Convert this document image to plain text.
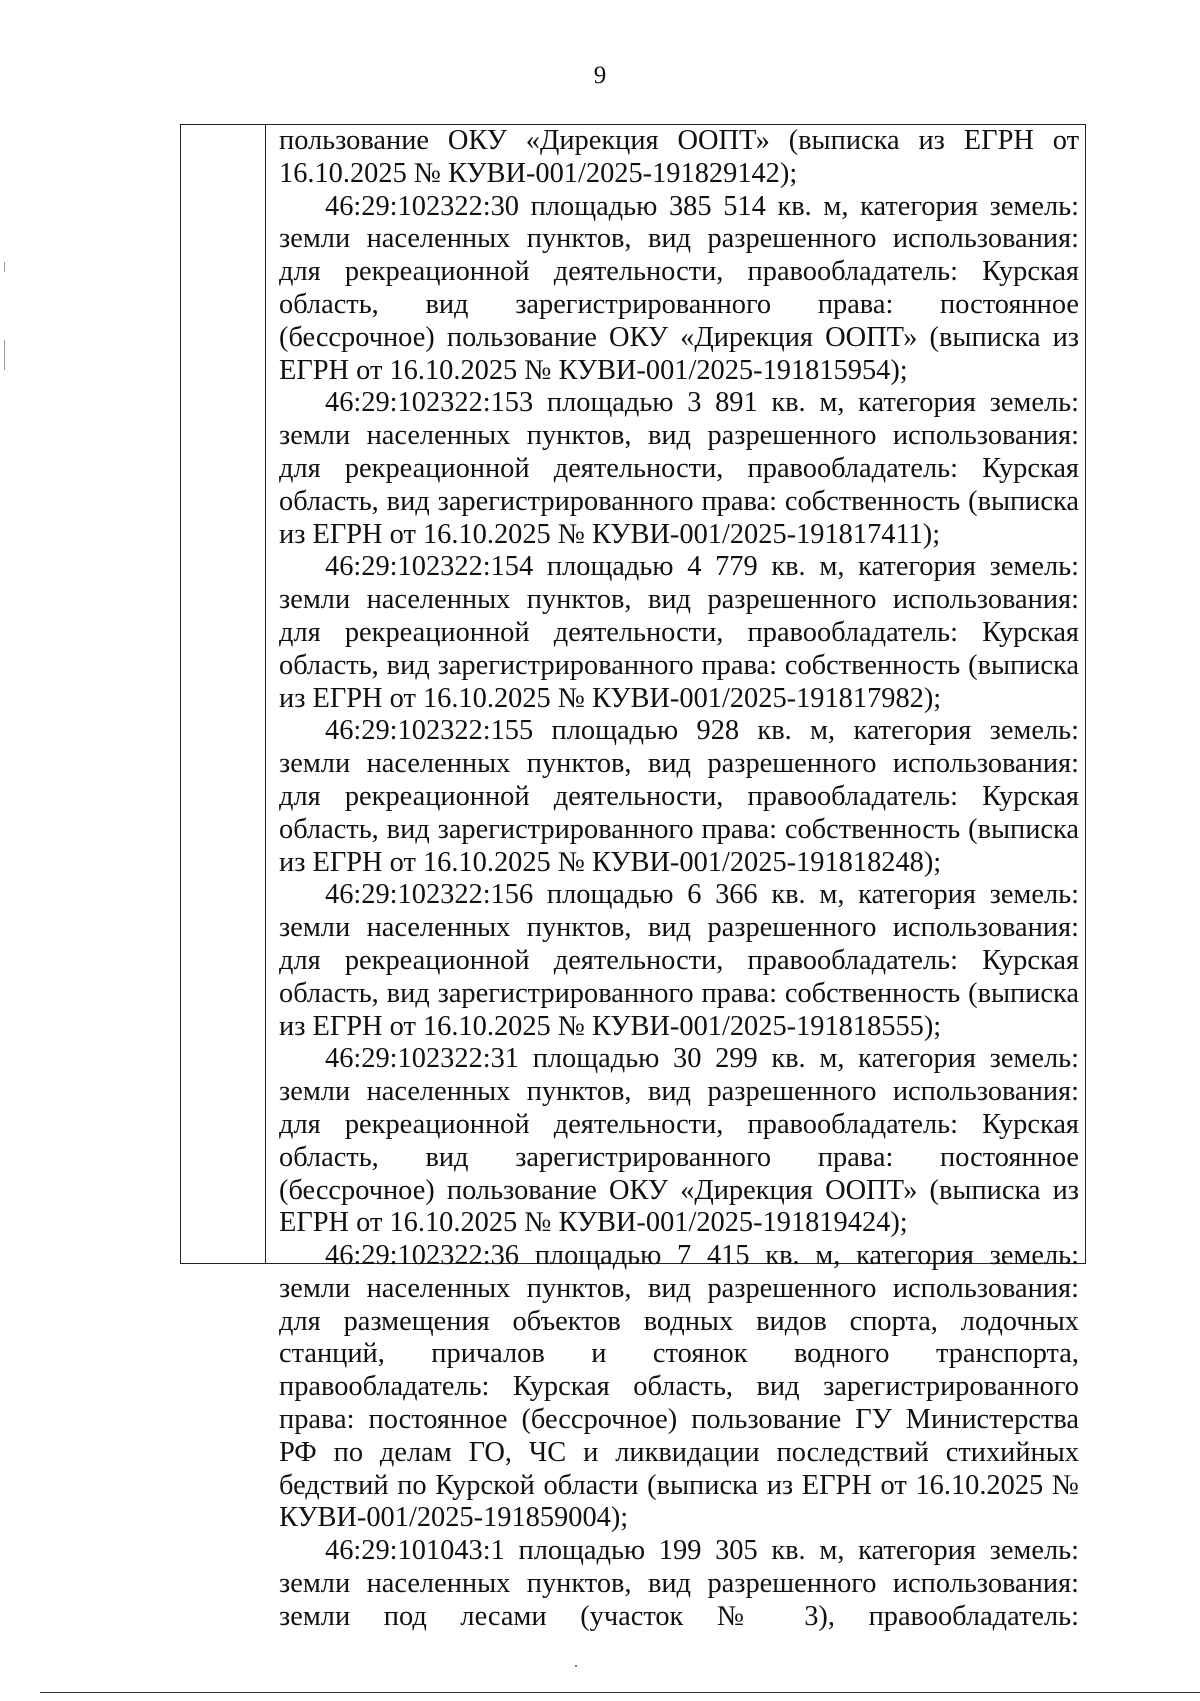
9

пользование ОКУ «Дирекция ООПТ» (выписка из ЕГРН от 16.10.2025 № КУВИ-001/2025-191829142);

46:29:102322:30 площадью 385 514 кв. м, категория земель: земли населенных пунктов, вид разрешенного использования: для рекреационной деятельности, правообладатель: Курская область, вид зарегистрированного права: постоянное (бессрочное) пользование ОКУ «Дирекция ООПТ» (выписка из ЕГРН от 16.10.2025 № КУВИ-001/2025-191815954);

46:29:102322:153 площадью 3 891 кв. м, категория земель: земли населенных пунктов, вид разрешенного использования: для рекреационной деятельности, правообладатель: Курская область, вид зарегистрированного права: собственность (выписка из ЕГРН от 16.10.2025 № КУВИ-001/2025-191817411);

46:29:102322:154 площадью 4 779 кв. м, категория земель: земли населенных пунктов, вид разрешенного использования: для рекреационной деятельности, правообладатель: Курская область, вид зарегистрированного права: собственность (выписка из ЕГРН от 16.10.2025 № КУВИ-001/2025-191817982);

46:29:102322:155 площадью 928 кв. м, категория земель: земли населенных пунктов, вид разрешенного использования: для рекреационной деятельности, правообладатель: Курская область, вид зарегистрированного права: собственность (выписка из ЕГРН от 16.10.2025 № КУВИ-001/2025-191818248);

46:29:102322:156 площадью 6 366 кв. м, категория земель: земли населенных пунктов, вид разрешенного использования: для рекреационной деятельности, правообладатель: Курская область, вид зарегистрированного права: собственность (выписка из ЕГРН от 16.10.2025 № КУВИ-001/2025-191818555);

46:29:102322:31 площадью 30 299 кв. м, категория земель: земли населенных пунктов, вид разрешенного использования: для рекреационной деятельности, правообладатель: Курская область, вид зарегистрированного права: постоянное (бессрочное) пользование ОКУ «Дирекция ООПТ» (выписка из ЕГРН от 16.10.2025 № КУВИ-001/2025-191819424);

46:29:102322:36 площадью 7 415 кв. м, категория земель: земли населенных пунктов, вид разрешенного использования: для размещения объектов водных видов спорта, лодочных станций, причалов и стоянок водного транспорта, правообладатель: Курская область, вид зарегистрированного права: постоянное (бессрочное) пользование ГУ Министерства РФ по делам ГО, ЧС и ликвидации последствий стихийных бедствий по Курской области (выписка из ЕГРН от 16.10.2025 № КУВИ-001/2025-191859004);

46:29:101043:1 площадью 199 305 кв. м, категория земель: земли населенных пунктов, вид разрешенного использования: земли под лесами (участок № 3), правообладатель:
